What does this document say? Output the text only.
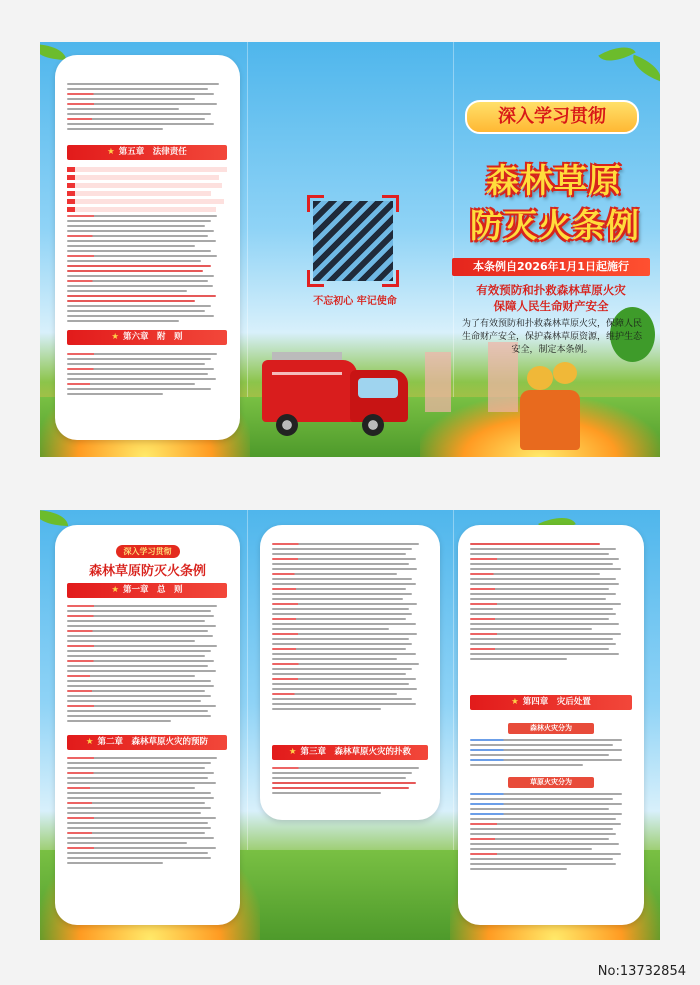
★ 第五章　法律责任
★ 第六章　附　则
不忘初心 牢记使命
深入学习贯彻
森林草原
防灭火条例
本条例自2026年1月1日起施行
有效预防和扑救森林草原火灾
保障人民生命财产安全
为了有效预防和扑救森林草原火灾，保障人民生命财产安全，保护森林草原资源，维护生态安全，制定本条例。
深入学习贯彻
森林草原防灭火条例
★ 第一章　总　则
★ 第二章　森林草原火灾的预防
★ 第三章　森林草原火灾的扑救
★ 第四章　灾后处置
森林火灾分为
草原火灾分为
No:13732854
